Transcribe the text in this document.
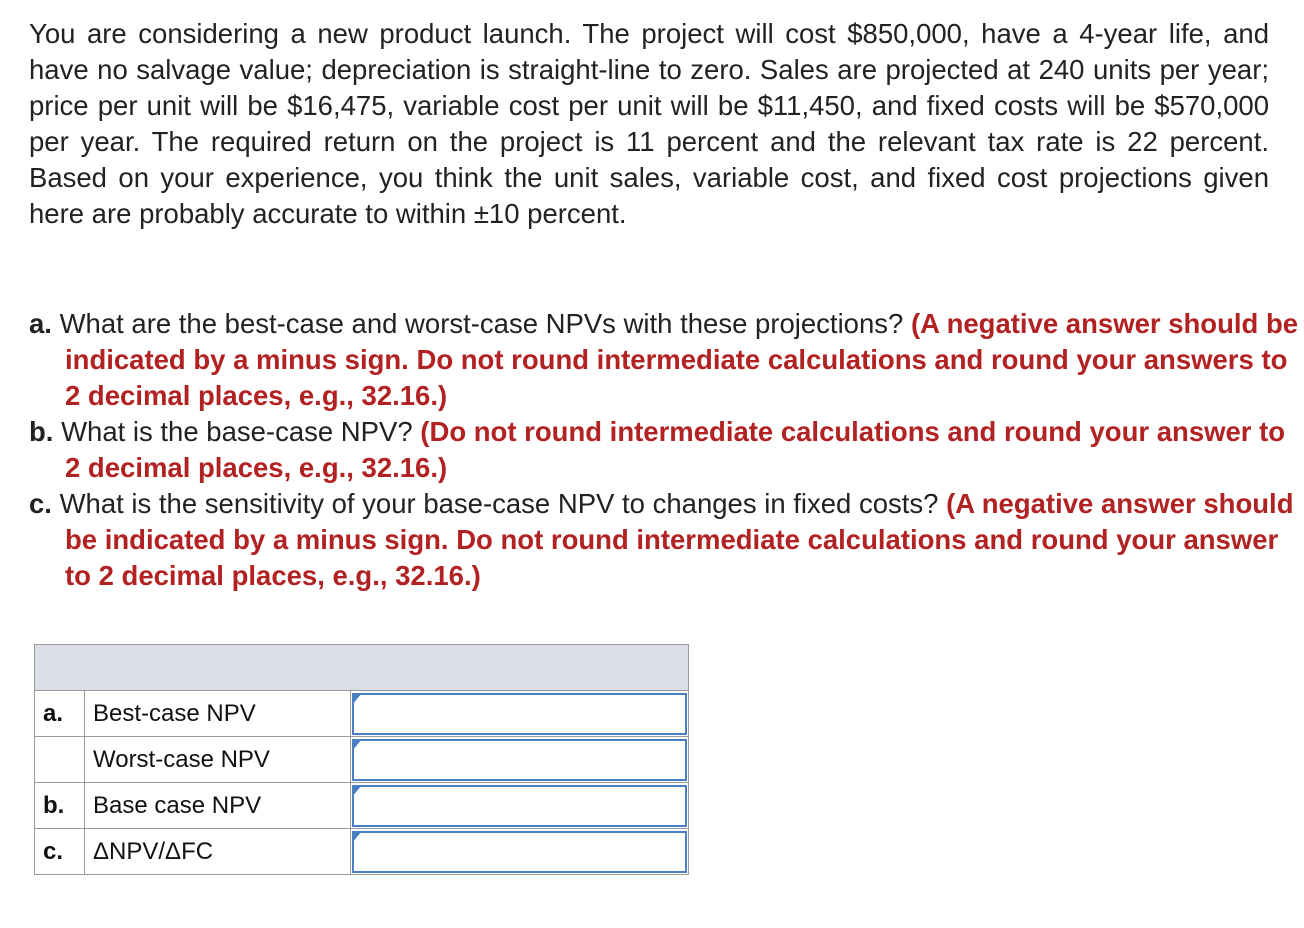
You are considering a new product launch. The project will cost $850,000, have a 4-year life, and have no salvage value; depreciation is straight-line to zero. Sales are projected at 240 units per year; price per unit will be $16,475, variable cost per unit will be $11,450, and fixed costs will be $570,000 per year. The required return on the project is 11 percent and the relevant tax rate is 22 percent. Based on your experience, you think the unit sales, variable cost, and fixed cost projections given here are probably accurate to within ±10 percent.

a. What are the best-case and worst-case NPVs with these projections? (A negative answer should be indicated by a minus sign. Do not round intermediate calculations and round your answers to 2 decimal places, e.g., 32.16.)

b. What is the base-case NPV? (Do not round intermediate calculations and round your answer to 2 decimal places, e.g., 32.16.)

c. What is the sensitivity of your base-case NPV to changes in fixed costs? (A negative answer should be indicated by a minus sign. Do not round intermediate calculations and round your answer to 2 decimal places, e.g., 32.16.)

a.	Best-case NPV	

	Worst-case NPV	

b.	Base case NPV	

c.	ΔNPV/ΔFC	
